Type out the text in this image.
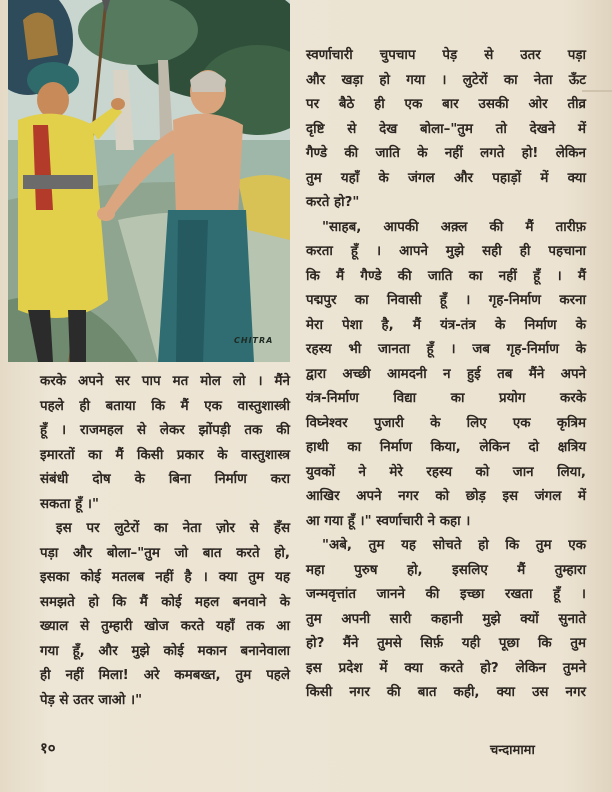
CHITRA
स्वर्णाचारी चुपचाप पेड़ से उतर पड़ा
और खड़ा हो गया । लुटेरों का नेता ऊँट
पर बैठे ही एक बार उसकी ओर तीव्र
दृष्टि से देख बोला–"तुम तो देखने में
गैण्डे की जाति के नहीं लगते हो! लेकिन
तुम यहाँ के जंगल और पहाड़ों में क्या
करते हो?"
"साहब, आपकी अक़्ल की मैं तारीफ़
करता हूँ । आपने मुझे सही ही पहचाना
कि मैं गैण्डे की जाति का नहीं हूँ । मैं
पद्मपुर का निवासी हूँ । गृह-निर्माण करना
मेरा पेशा है, मैं यंत्र-तंत्र के निर्माण के
रहस्य भी जानता हूँ । जब गृह-निर्माण के
द्वारा अच्छी आमदनी न हुई तब मैंने अपने
यंत्र-निर्माण विद्या का प्रयोग करके
विघ्नेश्वर पुजारी के लिए एक कृत्रिम
हाथी का निर्माण किया, लेकिन दो क्षत्रिय
युवकों ने मेरे रहस्य को जान लिया,
आखिर अपने नगर को छोड़ इस जंगल में
आ गया हूँ ।" स्वर्णाचारी ने कहा ।
"अबे, तुम यह सोचते हो कि तुम एक
महा पुरुष हो, इसलिए मैं तुम्हारा
जन्मवृत्तांत जानने की इच्छा रखता हूँ ।
तुम अपनी सारी कहानी मुझे क्यों सुनाते
हो? मैंने तुमसे सिर्फ़ यही पूछा कि तुम
इस प्रदेश में क्या करते हो? लेकिन तुमने
किसी नगर की बात कही, क्या उस नगर
करके अपने सर पाप मत मोल लो । मैंने
पहले ही बताया कि मैं एक वास्तुशास्त्री
हूँ । राजमहल से लेकर झोंपड़ी तक की
इमारतों का मैं किसी प्रकार के वास्तुशास्त्र
संबंधी दोष के बिना निर्माण करा
सकता हूँ ।"
इस पर लुटेरों का नेता ज़ोर से हँस
पड़ा और बोला–"तुम जो बात करते हो,
इसका कोई मतलब नहीं है । क्या तुम यह
समझते हो कि मैं कोई महल बनवाने के
ख्याल से तुम्हारी खोज करते यहाँ तक आ
गया हूँ, और मुझे कोई मकान बनानेवाला
ही नहीं मिला! अरे कमबख्त, तुम पहले
पेड़ से उतर जाओ ।"
१०	चन्दामामा
